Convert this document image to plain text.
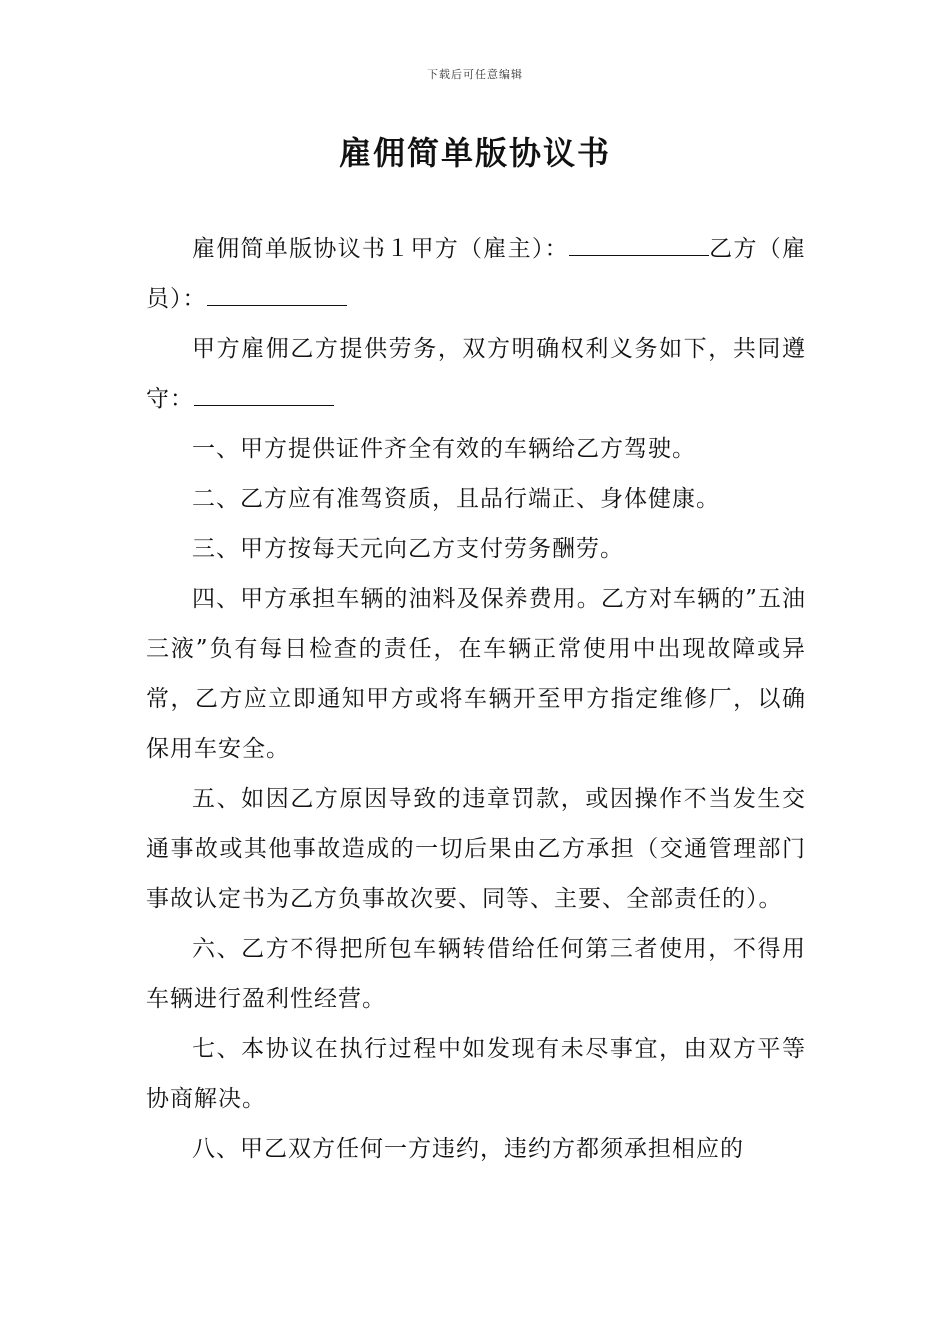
下载后可任意编辑
雇佣简单版协议书

雇佣简单版协议书１甲方（雇主）：	乙方（雇员）：

甲方雇佣乙方提供劳务，双方明确权利义务如下，共同遵守：

一、甲方提供证件齐全有效的车辆给乙方驾驶。

二、乙方应有准驾资质，且品行端正、身体健康。

三、甲方按每天元向乙方支付劳务酬劳。

四、甲方承担车辆的油料及保养费用。乙方对车辆的”五油三液”负有每日检查的责任，在车辆正常使用中出现故障或异常，乙方应立即通知甲方或将车辆开至甲方指定维修厂，以确保用车安全。

五、如因乙方原因导致的违章罚款，或因操作不当发生交通事故或其他事故造成的一切后果由乙方承担（交通管理部门事故认定书为乙方负事故次要、同等、主要、全部责任的）。

六、乙方不得把所包车辆转借给任何第三者使用，不得用车辆进行盈利性经营。

七、本协议在执行过程中如发现有未尽事宜，由双方平等协商解决。

八、甲乙双方任何一方违约，违约方都须承担相应的
